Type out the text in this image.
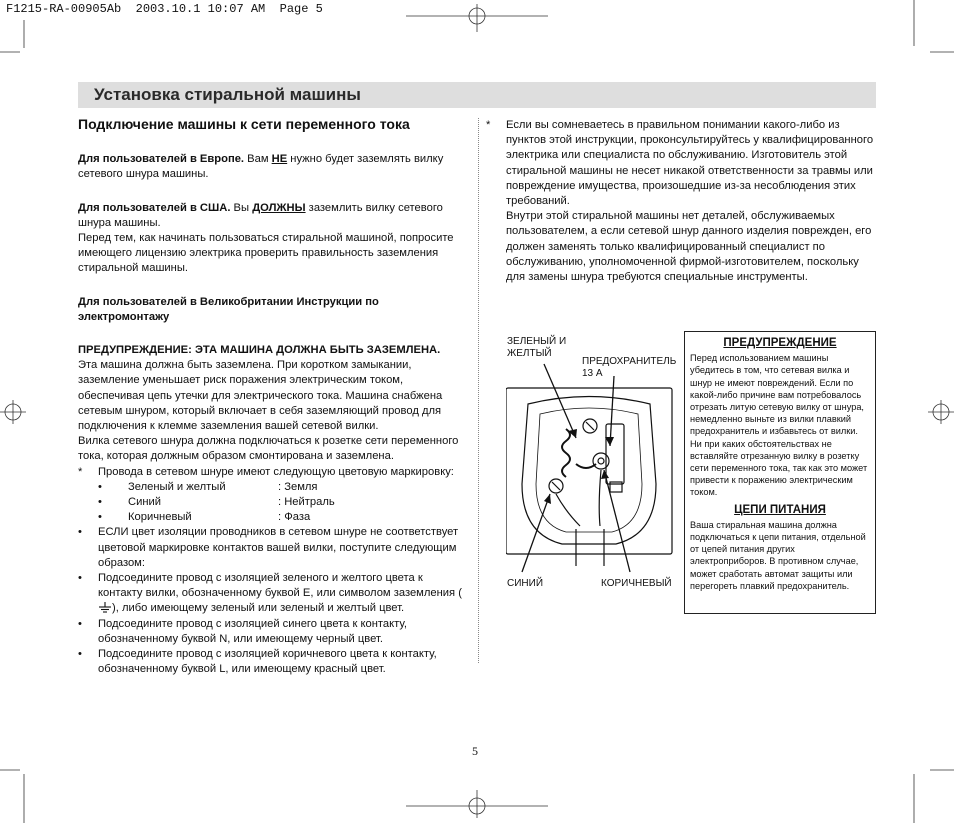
F1215-RA-00905Ab  2003.10.1 10:07 AM  Page 5
Установка стиральной машины
Подключение машины к сети переменного тока

Для пользователей в Европе. Вам НЕ нужно будет заземлять вилку сетевого шнура машины.

Для пользователей в США. Вы ДОЛЖНЫ заземлить вилку сетевого шнура машины.

Перед тем, как начинать пользоваться стиральной машиной, попросите имеющего лицензию электрика проверить правильность заземления стиральной машины.

Для пользователей в Великобритании Инструкции по электромонтажу

ПРЕДУПРЕЖДЕНИЕ: ЭТА МАШИНА ДОЛЖНА БЫТЬ ЗАЗЕМЛЕНА.

Эта машина должна быть заземлена. При коротком замыкании, заземление уменьшает риск поражения электрическим током, обеспечивая цепь утечки для электрического тока. Машина снабжена сетевым шнуром, который включает в себя заземляющий провод для подключения к клемме заземления вашей сетевой вилки.

Вилка сетевого шнура должна подключаться к розетке сети переменного тока, которая должным образом смонтирована и заземлена.

*	Провода в сетевом шнуре имеют следующую цветовую маркировку:
•	Зеленый и желтый	: Земля
•	Синий	: Нейтраль
•	Коричневый	: Фаза
•	ЕСЛИ цвет изоляции проводников в сетевом шнуре не соответствует цветовой маркировке контактов вашей вилки, поступите следующим образом:
•	Подсоедините провод с изоляцией зеленого и желтого цвета к контакту вилки, обозначенному буквой E, или символом заземления (), либо имеющему зеленый или зеленый и желтый цвет.
•	Подсоедините провод с изоляцией синего цвета к контакту, обозначенному буквой N, или имеющему черный цвет.
•	Подсоедините провод с изоляцией коричневого цвета к контакту, обозначенному буквой L, или имеющему красный цвет.
*	Если вы сомневаетесь в правильном понимании какого-либо из пунктов этой инструкции, проконсультируйтесь у квалифицированного электрика или специалиста по обслуживанию. Изготовитель этой стиральной машины не несет никакой ответственности за травмы или повреждение имущества, произошедшие из-за несоблюдения этих требований.
Внутри этой стиральной машины нет деталей, обслуживаемых пользователем, а если сетевой шнур данного изделия поврежден, его должен заменять только квалифицированный специалист по обслуживанию, уполномоченной фирмой-изготовителем, поскольку для замены шнура требуются специальные инструменты.
ЗЕЛЕНЫЙ И ЖЕЛТЫЙ
ПРЕДОХРАНИТЕЛЬ 13 А
СИНИЙ	КОРИЧНЕВЫЙ
ПРЕДУПРЕЖДЕНИЕ

Перед использованием машины убедитесь в том, что сетевая вилка и шнур не имеют повреждений. Если по какой-либо причине вам потребовалось отрезать литую сетевую вилку от шнура, немедленно выньте из вилки плавкий предохранитель и избавьтесь от вилки.

Ни при каких обстоятельствах не вставляйте отрезанную вилку в розетку сети переменного тока, так как это может привести к поражению электрическим током.

ЦЕПИ ПИТАНИЯ

Ваша стиральная машина должна подключаться к цепи питания, отдельной от цепей питания других электроприборов. В противном случае, может сработать автомат защиты или перегореть плавкий предохранитель.

5
